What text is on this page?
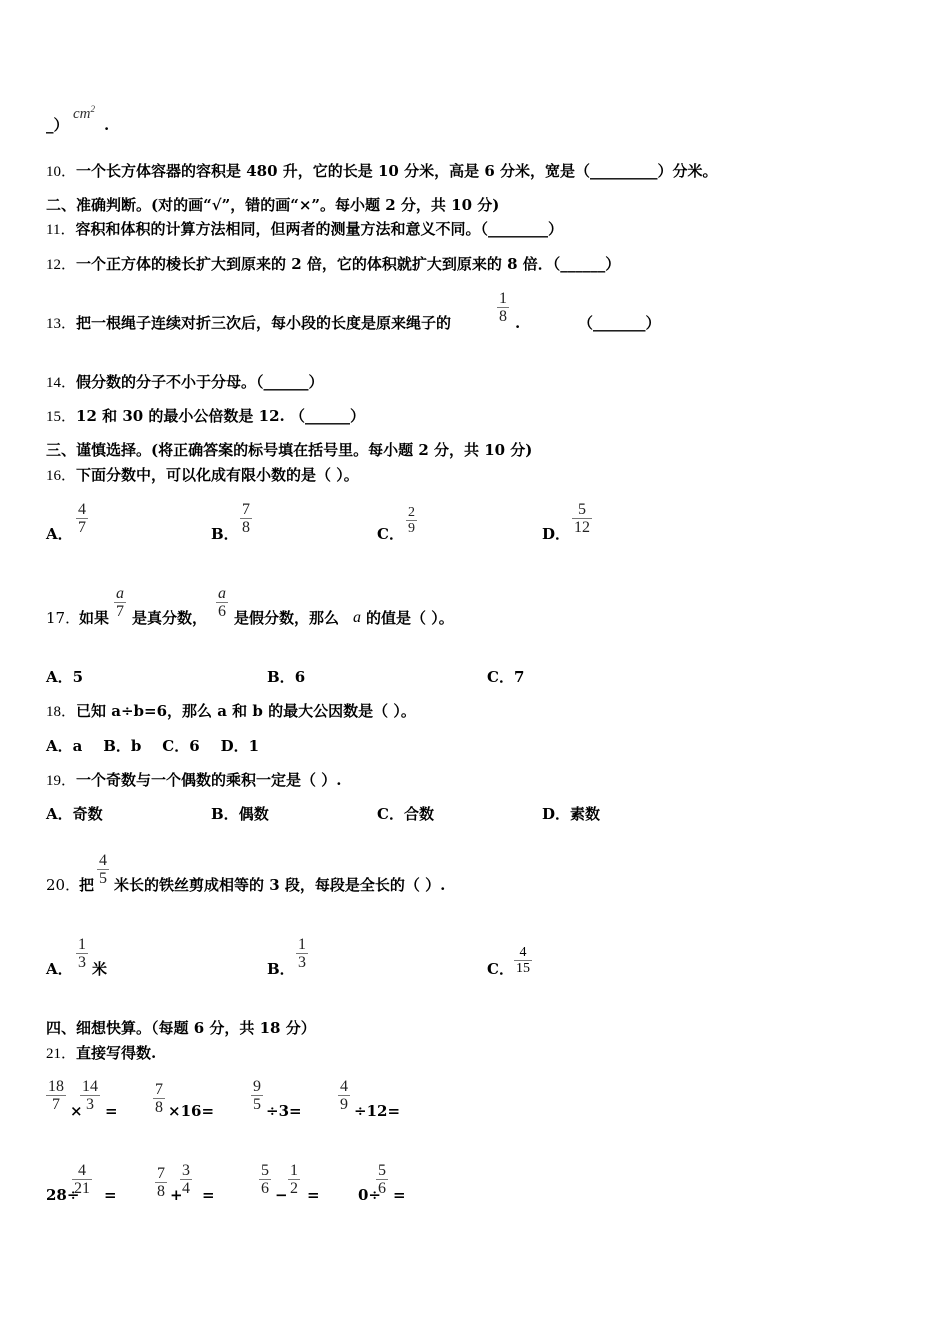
_）
$cm^2$
.
10．一个长方体容器的容积是 480 升，它的长是 10 分米，高是 6 分米，宽是（_________）分米。
二、准确判断。(对的画“√”，错的画“×”。每小题 2 分，共 10 分)
11．容积和体积的计算方法相同，但两者的测量方法和意义不同。（________）
12．一个正方体的棱长扩大到原来的 2 倍，它的体积就扩大到原来的 8 倍．（______）
13．把一根绳子连续对折三次后，每小段的长度是原来绳子的
1
8 .	（_______）
14．假分数的分子不小于分母。（______）
15．12 和 30 的最小公倍数是 12. （______）
三、谨慎选择。(将正确答案的标号填在括号里。每小题 2 分，共 10 分)
16．下面分数中，可以化成有限小数的是（ ）。
A．
4
7	B．
7
8	C．
2
9	D．
5
12
17．
如果
a
7 是真分数，
a
6 是假分数，那么 a 的值是（ ）。
A．5	B．6	C．7
18．已知 a÷b=6，那么 a 和 b 的最大公因数是（ ）。
A．a    B．b    C．6    D．1
19．一个奇数与一个偶数的乘积一定是（ ）.
A．奇数	B．偶数	C．合数	D．素数
20．
把
4
5 米长的铁丝剪成相等的 3 段，每段是全长的（ ）.
A．
1
3 米	B．
1
3	C．
4
15
四、细想快算。（每题 6 分，共 18 分）
21．直接写得数.
18
7 ×
14
3 =
7
8 ×16=
9
5 ÷3=
4
9 ÷12=
28÷
4
21 =
7
8 +
3
4 =
5
6 −
1
2 =	0÷
5
6 =
